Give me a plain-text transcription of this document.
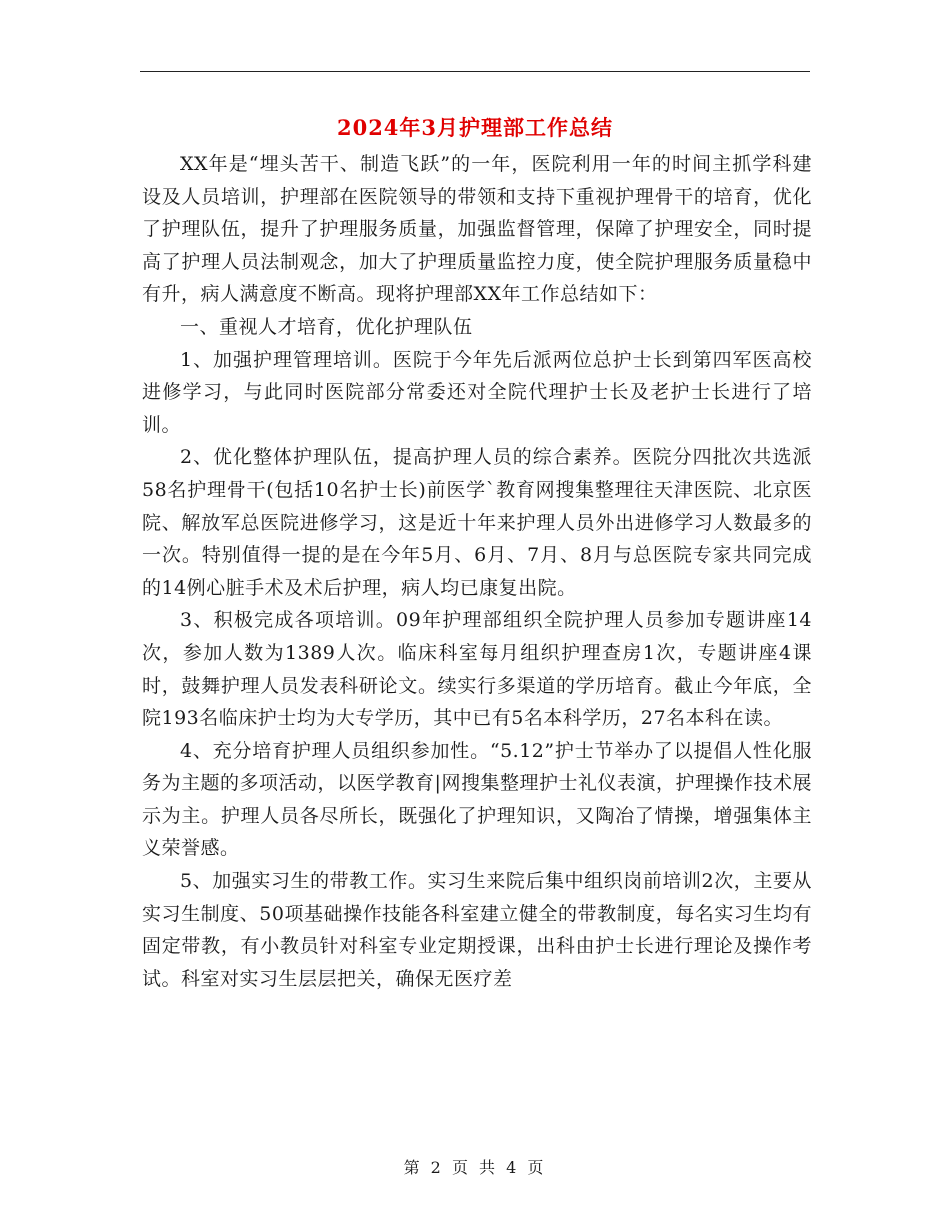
2024年3月护理部工作总结

XX年是“埋头苦干、制造飞跃”的一年，医院利用一年的时间主抓学科建设及人员培训，护理部在医院领导的带领和支持下重视护理骨干的培育，优化了护理队伍，提升了护理服务质量，加强监督管理，保障了护理安全，同时提高了护理人员法制观念，加大了护理质量监控力度，使全院护理服务质量稳中有升，病人满意度不断高。现将护理部XX年工作总结如下：

一、重视人才培育，优化护理队伍

1、加强护理管理培训。医院于今年先后派两位总护士长到第四军医高校进修学习，与此同时医院部分常委还对全院代理护士长及老护士长进行了培训。

2、优化整体护理队伍，提高护理人员的综合素养。医院分四批次共选派58名护理骨干(包括10名护士长)前医学`教育网搜集整理往天津医院、北京医院、解放军总医院进修学习，这是近十年来护理人员外出进修学习人数最多的一次。特别值得一提的是在今年5月、6月、7月、8月与总医院专家共同完成的14例心脏手术及术后护理，病人均已康复出院。

3、积极完成各项培训。09年护理部组织全院护理人员参加专题讲座14次，参加人数为1389人次。临床科室每月组织护理查房1次，专题讲座4课时，鼓舞护理人员发表科研论文。续实行多渠道的学历培育。截止今年底，全院193名临床护士均为大专学历，其中已有5名本科学历，27名本科在读。

4、充分培育护理人员组织参加性。“5.12”护士节举办了以提倡人性化服务为主题的多项活动，以医学教育|网搜集整理护士礼仪表演，护理操作技术展示为主。护理人员各尽所长，既强化了护理知识，又陶冶了情操，增强集体主义荣誉感。

5、加强实习生的带教工作。实习生来院后集中组织岗前培训2次，主要从实习生制度、50项基础操作技能各科室建立健全的带教制度，每名实习生均有固定带教，有小教员针对科室专业定期授课，出科由护士长进行理论及操作考试。科室对实习生层层把关，确保无医疗差

第 2 页 共 4 页
